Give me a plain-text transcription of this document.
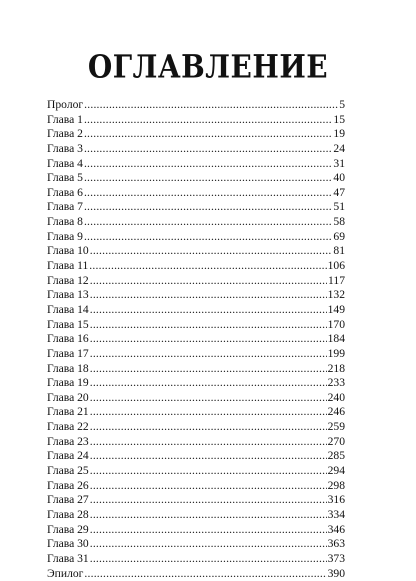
ОГЛАВЛЕНИЕ
Пролог .....	5
Глава 1 .....	15
Глава 2 .....	19
Глава 3 .....	24
Глава 4 .....	31
Глава 5 .....	40
Глава 6 .....	47
Глава 7 .....	51
Глава 8 .....	58
Глава 9 .....	69
Глава 10 .....	81
Глава 11 .....	106
Глава 12 .....	117
Глава 13 .....	132
Глава 14 .....	149
Глава 15 .....	170
Глава 16 .....	184
Глава 17 .....	199
Глава 18 .....	218
Глава 19 .....	233
Глава 20 .....	240
Глава 21 .....	246
Глава 22 .....	259
Глава 23 .....	270
Глава 24 .....	285
Глава 25 .....	294
Глава 26 .....	298
Глава 27 .....	316
Глава 28 .....	334
Глава 29 .....	346
Глава 30 .....	363
Глава 31 .....	373
Эпилог .....	390
